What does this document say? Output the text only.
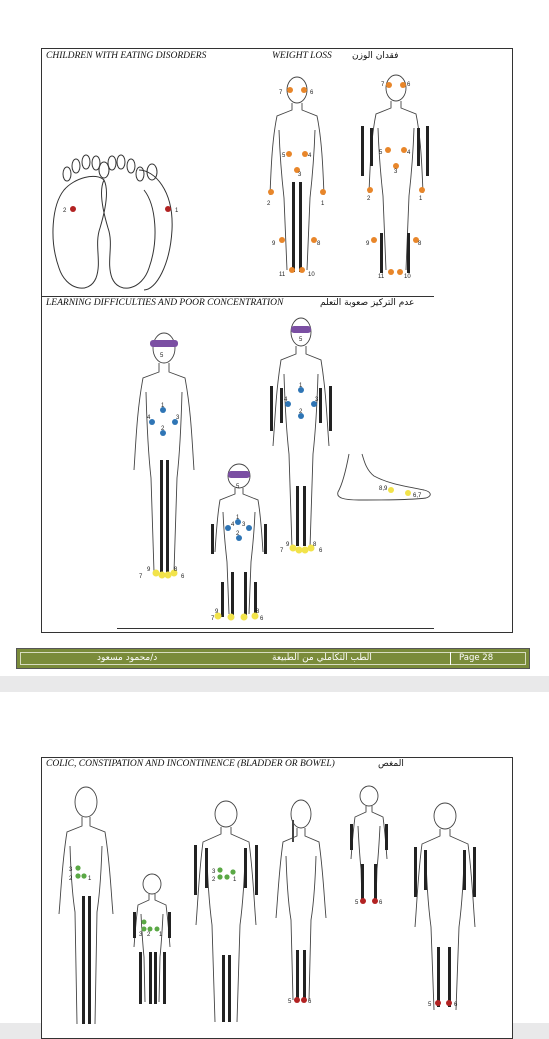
CHILDREN WITH EATING DISORDERS	WEIGHT LOSS فقدان الوزن
2	1
7	6
5	4
3
2	1
9	8
11	10
7	6
5	4
3
2	1
9	8
11	10
LEARNING DIFFICULTIES AND POOR CONCENTRATION	عدم التركيز صعوبة التعلم
5
1
4	3
2
7
9	8
6
5
1
4	3
2
7
9	8
6
5
1
4 3
2
7
9	8
6
8,9
6,7
د/محمود مسعود	الطب التكاملي من الطبيعة	Page 28
COLIC, CONSTIPATION AND INCONTINENCE (BLADDER OR BOWEL)	المغص
3
2	1
3 2 1
3
2	1
5	6
5	6
5	6
